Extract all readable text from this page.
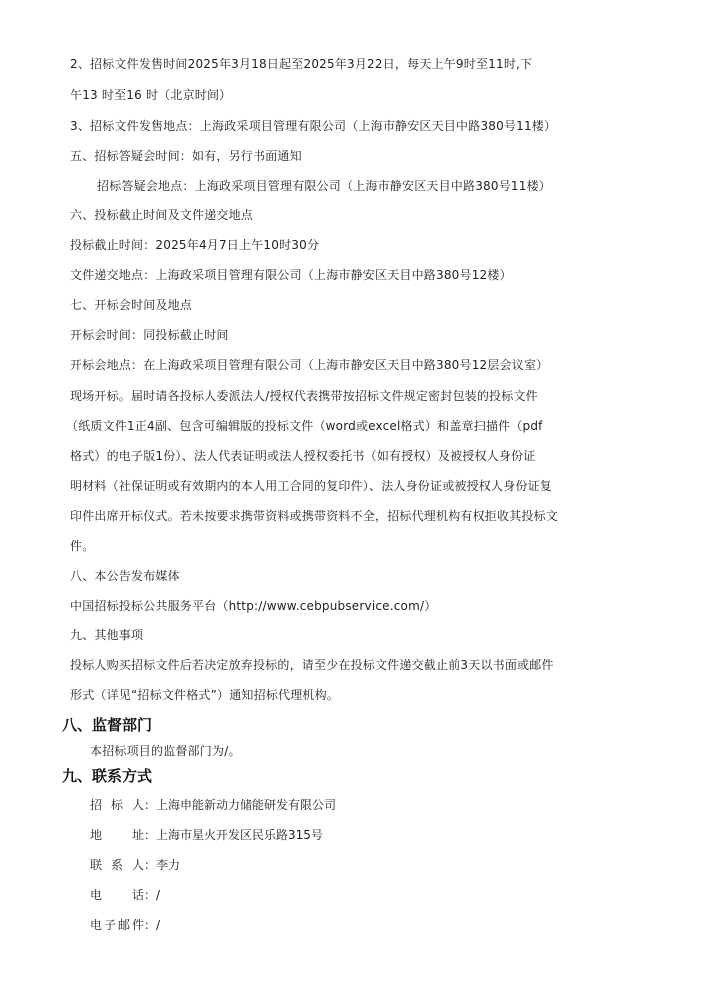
2、招标文件发售时间2025年3月18日起至2025年3月22日，每天上午9时至11时,下
午13 时至16 时（北京时间）
3、招标文件发售地点：上海政采项目管理有限公司（上海市静安区天目中路380号11楼）
五、招标答疑会时间：如有，另行书面通知
招标答疑会地点：上海政采项目管理有限公司（上海市静安区天目中路380号11楼）
六、投标截止时间及文件递交地点
投标截止时间：2025年4月7日上午10时30分
文件递交地点：上海政采项目管理有限公司（上海市静安区天目中路380号12楼）
七、开标会时间及地点
开标会时间：同投标截止时间
开标会地点：在上海政采项目管理有限公司（上海市静安区天目中路380号12层会议室）
现场开标。届时请各投标人委派法人/授权代表携带按招标文件规定密封包装的投标文件
（纸质文件1正4副、包含可编辑版的投标文件（word或excel格式）和盖章扫描件（pdf
格式）的电子版1份）、法人代表证明或法人授权委托书（如有授权）及被授权人身份证
明材料（社保证明或有效期内的本人用工合同的复印件）、法人身份证或被授权人身份证复
印件出席开标仪式。若未按要求携带资料或携带资料不全，招标代理机构有权拒收其投标文
件。
八、本公告发布媒体
中国招标投标公共服务平台（http://www.cebpubservice.com/）
九、其他事项
投标人购买招标文件后若决定放弃投标的，请至少在投标文件递交截止前3天以书面或邮件
形式（详见“招标文件格式”）通知招标代理机构。
八、监督部门
本招标项目的监督部门为/。
九、联系方式
招 标 人：上海申能新动力储能研发有限公司
地 址：上海市星火开发区民乐路315号
联 系 人：李力
电 话：/
电子邮件：/
